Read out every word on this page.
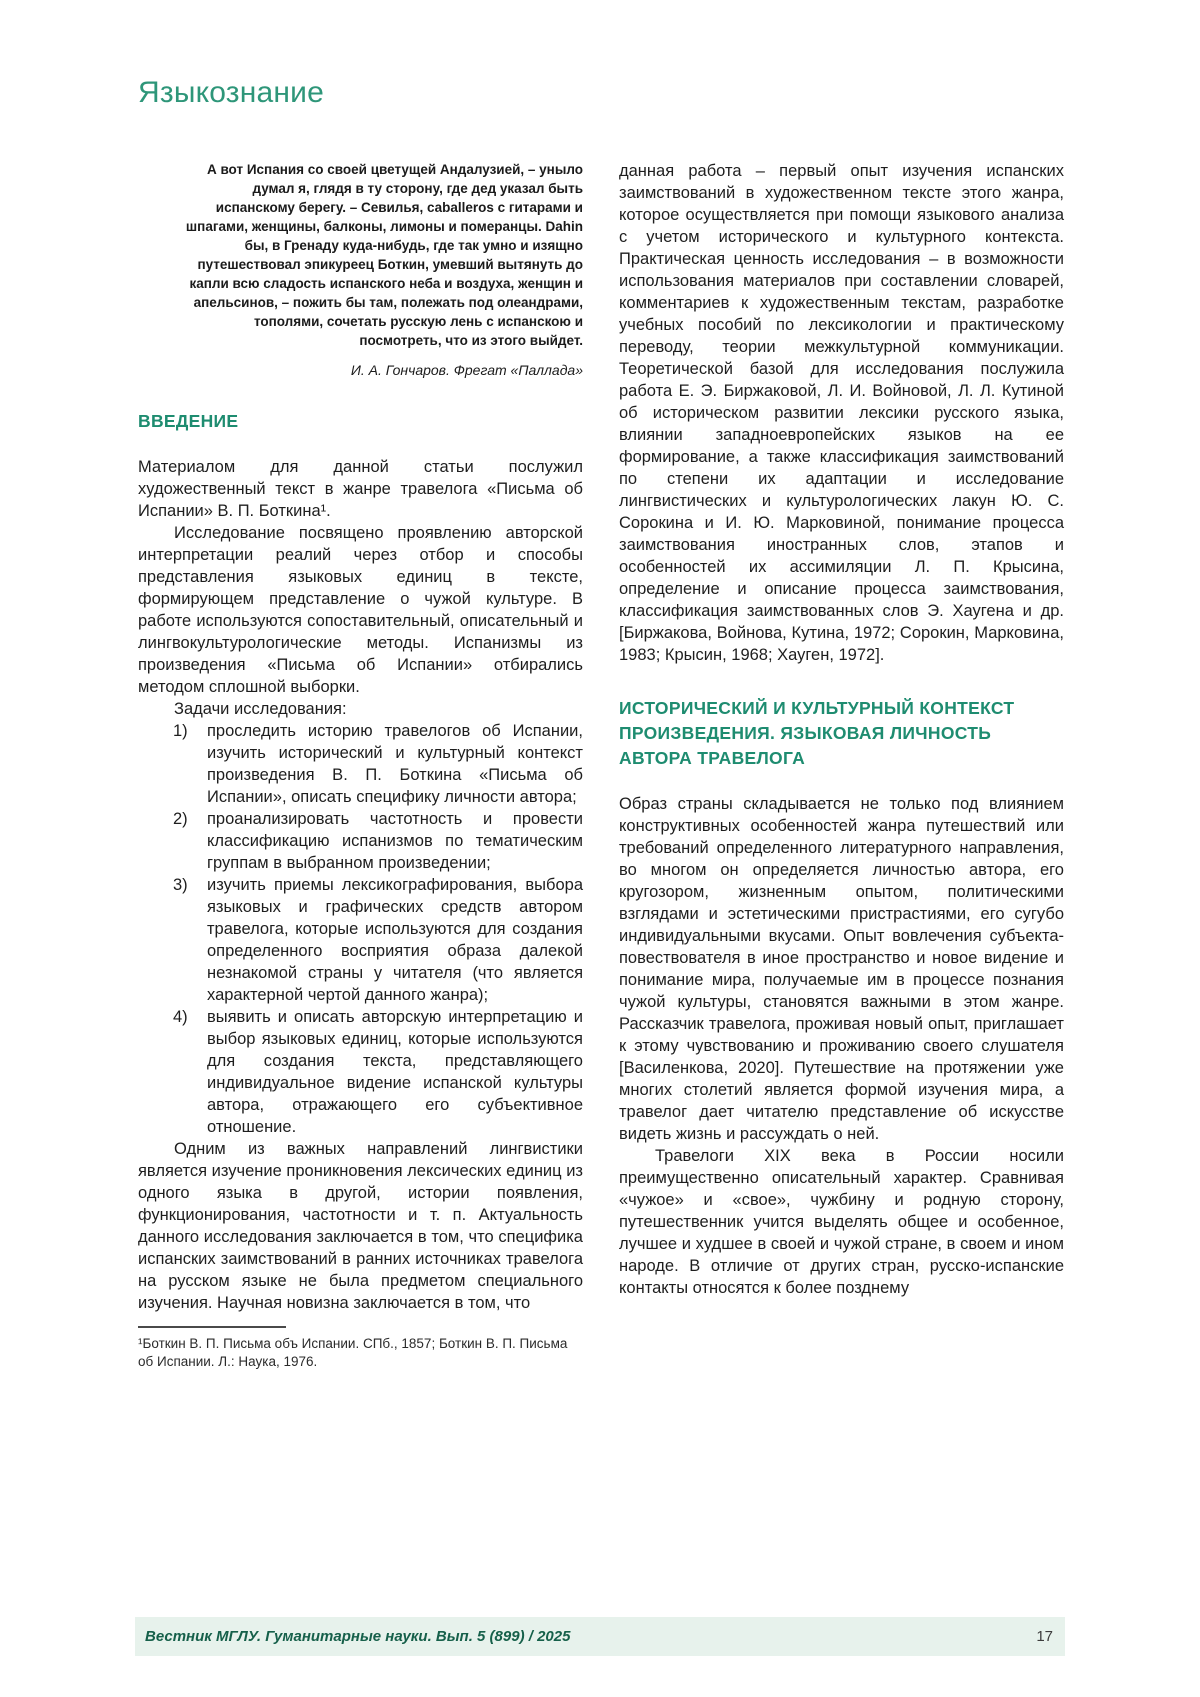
Языкознание
А вот Испания со своей цветущей Андалузией, – уныло думал я, глядя в ту сторону, где дед указал быть испанскому берегу. – Севилья, caballeros с гитарами и шпагами, женщины, балконы, лимоны и померанцы. Dahin бы, в Гренаду куда-нибудь, где так умно и изящно путешествовал эпикуреец Боткин, умевший вытянуть до капли всю сладость испанского неба и воздуха, женщин и апельсинов, – пожить бы там, полежать под олеандрами, тополями, сочетать русскую лень с испанскою и посмотреть, что из этого выйдет.
И. А. Гончаров. Фрегат «Паллада»
ВВЕДЕНИЕ

Материалом для данной статьи послужил художественный текст в жанре травелога «Письма об Испании» В. П. Боткина¹.

Исследование посвящено проявлению авторской интерпретации реалий через отбор и способы представления языковых единиц в тексте, формирующем представление о чужой культуре. В работе используются сопоставительный, описательный и лингвокультурологические методы. Испанизмы из произведения «Письма об Испании» отбирались методом сплошной выборки.

Задачи исследования:

1)	проследить историю травелогов об Испании, изучить исторический и культурный контекст произведения В. П. Боткина «Письма об Испании», описать специфику личности автора;
2)	проанализировать частотность и провести классификацию испанизмов по тематическим группам в выбранном произведении;
3)	изучить приемы лексикографирования, выбора языковых и графических средств автором травелога, которые используются для создания определенного восприятия образа далекой незнакомой страны у читателя (что является характерной чертой данного жанра);
4)	выявить и описать авторскую интерпретацию и выбор языковых единиц, которые используются для создания текста, представляющего индивидуальное видение испанской культуры автора, отражающего его субъективное отношение.

Одним из важных направлений лингвистики является изучение проникновения лексических единиц из одного языка в другой, истории появления, функционирования, частотности и т. п. Актуальность данного исследования заключается в том, что специфика испанских заимствований в ранних источниках травелога на русском языке не была предметом специального изучения. Научная новизна заключается в том, что

¹Боткин В. П. Письма объ Испании. СПб., 1857; Боткин В. П. Письма об Испании. Л.: Наука, 1976.

данная работа – первый опыт изучения испанских заимствований в художественном тексте этого жанра, которое осуществляется при помощи языкового анализа с учетом исторического и культурного контекста. Практическая ценность исследования – в возможности использования материалов при составлении словарей, комментариев к художественным текстам, разработке учебных пособий по лексикологии и практическому переводу, теории межкультурной коммуникации. Теоретической базой для исследования послужила работа Е. Э. Биржаковой, Л. И. Войновой, Л. Л. Кутиной об историческом развитии лексики русского языка, влиянии западноевропейских языков на ее формирование, а также классификация заимствований по степени их адаптации и исследование лингвистических и культурологических лакун Ю. С. Сорокина и И. Ю. Марковиной, понимание процесса заимствования иностранных слов, этапов и особенностей их ассимиляции Л. П. Крысина, определение и описание процесса заимствования, классификация заимствованных слов Э. Хаугена и др. [Биржакова, Войнова, Кутина, 1972; Сорокин, Марковина, 1983; Крысин, 1968; Хауген, 1972].

ИСТОРИЧЕСКИЙ И КУЛЬТУРНЫЙ КОНТЕКСТ ПРОИЗВЕДЕНИЯ. ЯЗЫКОВАЯ ЛИЧНОСТЬ АВТОРА ТРАВЕЛОГА

Образ страны складывается не только под влиянием конструктивных особенностей жанра путешествий или требований определенного литературного направления, во многом он определяется личностью автора, его кругозором, жизненным опытом, политическими взглядами и эстетическими пристрастиями, его сугубо индивидуальными вкусами. Опыт вовлечения субъекта-повествователя в иное пространство и новое видение и понимание мира, получаемые им в процессе познания чужой культуры, становятся важными в этом жанре. Рассказчик травелога, проживая новый опыт, приглашает к этому чувствованию и проживанию своего слушателя [Василенкова, 2020]. Путешествие на протяжении уже многих столетий является формой изучения мира, а травелог дает читателю представление об искусстве видеть жизнь и рассуждать о ней.

Травелоги XIX века в России носили преимущественно описательный характер. Сравнивая «чужое» и «свое», чужбину и родную сторону, путешественник учится выделять общее и особенное, лучшее и худшее в своей и чужой стране, в своем и ином народе. В отличие от других стран, русско-испанские контакты относятся к более позднему

Вестник МГЛУ. Гуманитарные науки. Вып. 5 (899) / 2025	17
